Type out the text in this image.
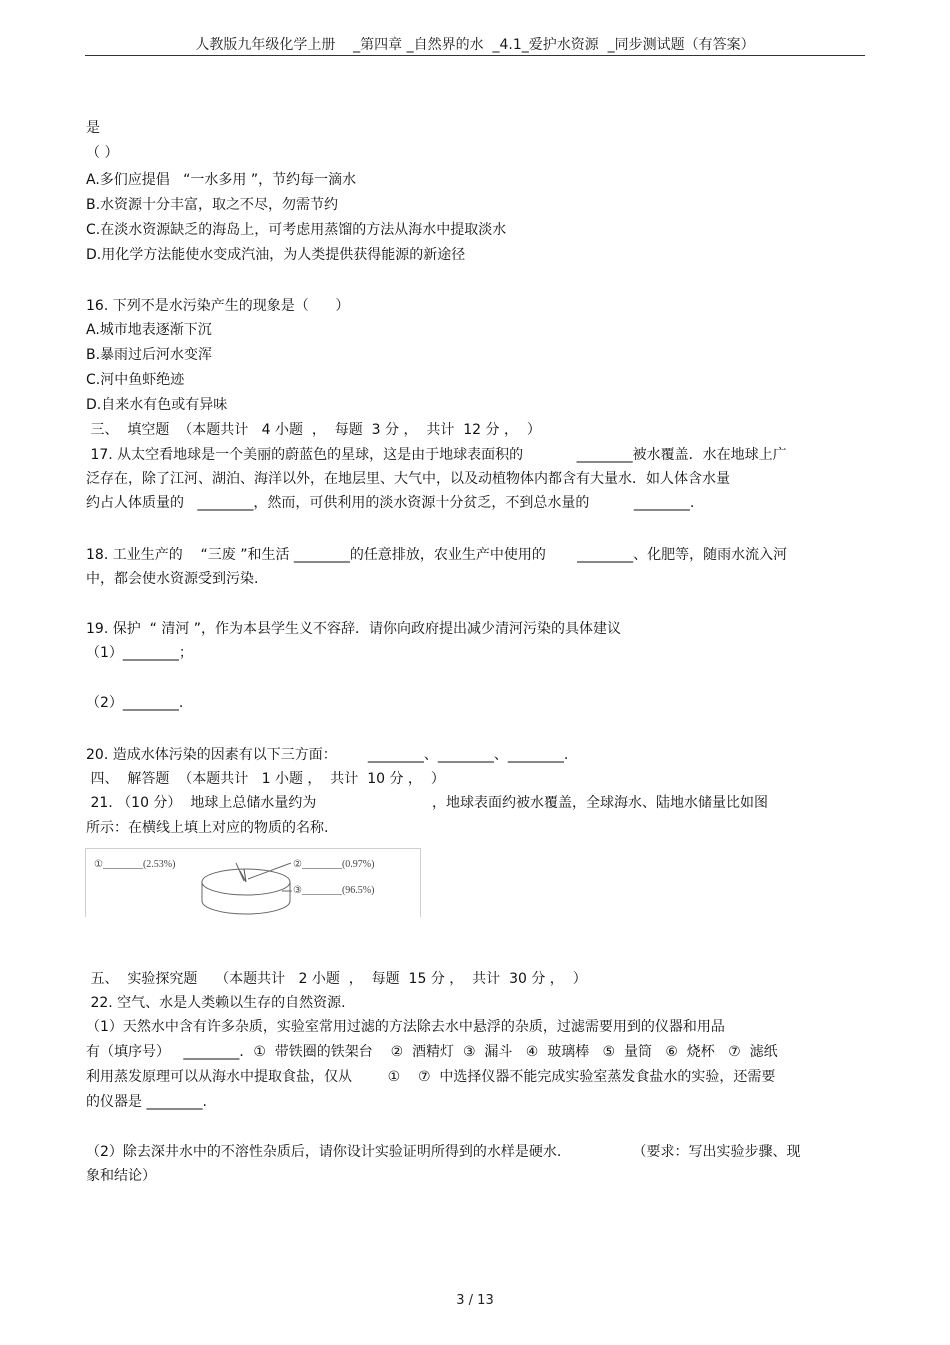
人教版九年级化学上册    _第四章 _自然界的水  _4.1_爱护水资源  _同步测试题（有答案）
是
（ ）
A.多们应提倡   “一水多用 ”，节约每一滴水
B.水资源十分丰富，取之不尽，勿需节约
C.在淡水资源缺乏的海岛上，可考虑用蒸馏的方法从海水中提取淡水
D.用化学方法能使水变成汽油，为人类提供获得能源的新途径
16. 下列不是水污染产生的现象是（      ）
A.城市地表逐渐下沉
B.暴雨过后河水变浑
C.河中鱼虾绝迹
D.自来水有色或有异味
三、  填空题  （本题共计   4 小题  ，  每题  3 分 ，  共计  12 分 ，  ）
17. 从太空看地球是一个美丽的蔚蓝色的星球，这是由于地球表面积的            ________被水覆盖．水在地球上广
泛存在，除了江河、湖泊、海洋以外，在地层里、大气中，以及动植物体内都含有大量水．如人体含水量
约占人体质量的   ________，然而，可供利用的淡水资源十分贫乏，不到总水量的          ________.
18. 工业生产的    “三废 ”和生活 ________的任意排放，农业生产中使用的       ________、化肥等，随雨水流入河
中，都会使水资源受到污染.
19. 保护  “ 清河 ”，作为本县学生义不容辞．请你向政府提出减少清河污染的具体建议
（1）________；
（2）________.
20. 造成水体污染的因素有以下三方面：       ________、________、________.
四、  解答题  （本题共计   1 小题 ，  共计  10 分 ，  ）
21. （10 分）  地球上总储水量约为                          ，地球表面约被水覆盖，全球海水、陆地水储量比如图
所示：在横线上填上对应的物质的名称.
①________(2.53%)	②________(0.97%)
③________(96.5%)
五、  实验探究题    （本题共计   2 小题  ，  每题  15 分 ，  共计  30 分 ，  ）
22. 空气、水是人类赖以生存的自然资源.
（1）天然水中含有许多杂质，实验室常用过滤的方法除去水中悬浮的杂质，过滤需要用到的仪器和用品
有（填序号）   ________．①  带铁圈的铁架台    ②  酒精灯  ③  漏斗   ④  玻璃棒   ⑤  量筒   ⑥  烧杯   ⑦  滤纸
利用蒸发原理可以从海水中提取食盐，仅从        ①    ⑦  中选择仪器不能完成实验室蒸发食盐水的实验，还需要
的仪器是 ________.
（2）除去深井水中的不溶性杂质后，请你设计实验证明所得到的水样是硬水.                （要求：写出实验步骤、现
象和结论）
3 / 13
